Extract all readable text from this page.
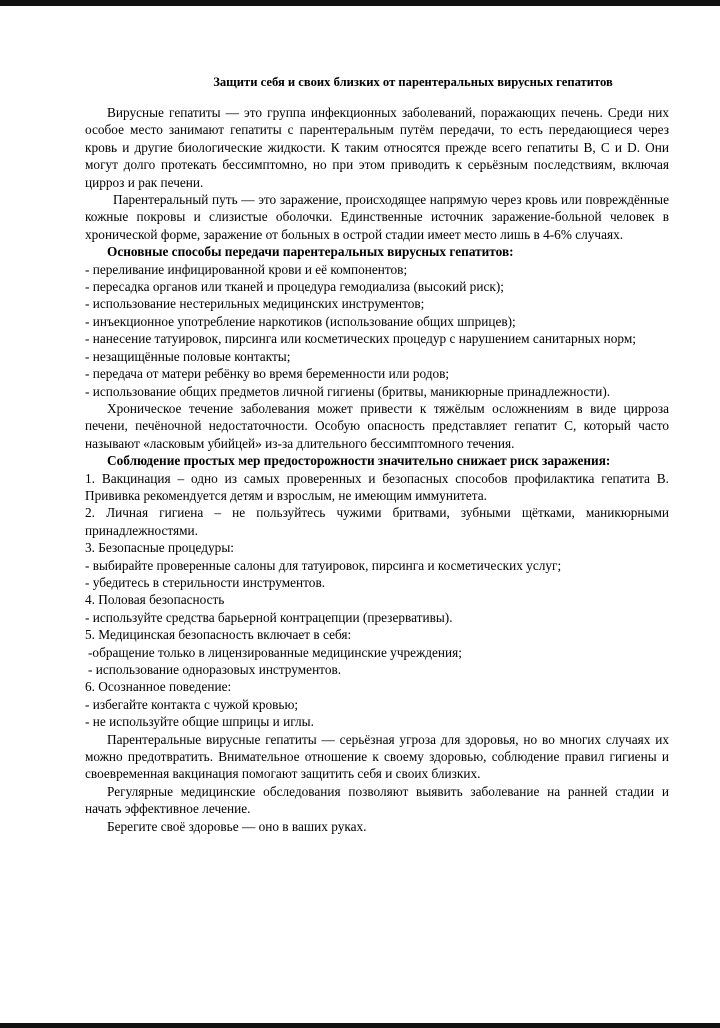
Защити себя и своих близких от парентеральных вирусных гепатитов

Вирусные гепатиты — это группа инфекционных заболеваний, поражающих печень. Среди них особое место занимают гепатиты с парентеральным путём передачи, то есть передающиеся через кровь и другие биологические жидкости. К таким относятся прежде всего гепатиты B, C и D. Они могут долго протекать бессимптомно, но при этом приводить к серьёзным последствиям, включая цирроз и рак печени.

Парентеральный путь — это заражение, происходящее напрямую через кровь или повреждённые кожные покровы и слизистые оболочки. Единственные источник заражение-больной человек в хронической форме, заражение от больных в острой стадии имеет место лишь в 4-6% случаях.

Основные способы передачи парентеральных вирусных гепатитов:

- переливание инфицированной крови и её компонентов;

- пересадка органов или тканей и процедура гемодиализа (высокий риск);

- использование нестерильных медицинских инструментов;

- инъекционное употребление наркотиков (использование общих шприцев);

- нанесение татуировок, пирсинга или косметических процедур с нарушением санитарных норм;

- незащищённые половые контакты;

- передача от матери ребёнку во время беременности или родов;

- использование общих предметов личной гигиены (бритвы, маникюрные принадлежности).

Хроническое течение заболевания может привести к тяжёлым осложнениям в виде цирроза печени, печёночной недостаточности. Особую опасность представляет гепатит C, который часто называют «ласковым убийцей» из-за длительного бессимптомного течения.

Соблюдение простых мер предосторожности значительно снижает риск заражения:

1. Вакцинация – одно из самых проверенных и безопасных способов профилактика гепатита B. Прививка рекомендуется детям и взрослым, не имеющим иммунитета.

2. Личная гигиена – не пользуйтесь чужими бритвами, зубными щётками, маникюрными принадлежностями.

3. Безопасные процедуры:

- выбирайте проверенные салоны для татуировок, пирсинга и косметических услуг;

- убедитесь в стерильности инструментов.

4. Половая безопасность

- используйте средства барьерной контрацепции (презервативы).

5. Медицинская безопасность включает в себя:

-обращение только в лицензированные медицинские учреждения;

- использование одноразовых инструментов.

6. Осознанное поведение:

- избегайте контакта с чужой кровью;

- не используйте общие шприцы и иглы.

Парентеральные вирусные гепатиты — серьёзная угроза для здоровья, но во многих случаях их можно предотвратить. Внимательное отношение к своему здоровью, соблюдение правил гигиены и своевременная вакцинация помогают защитить себя и своих близких.

Регулярные медицинские обследования позволяют выявить заболевание на ранней стадии и начать эффективное лечение.

Берегите своё здоровье — оно в ваших руках.
